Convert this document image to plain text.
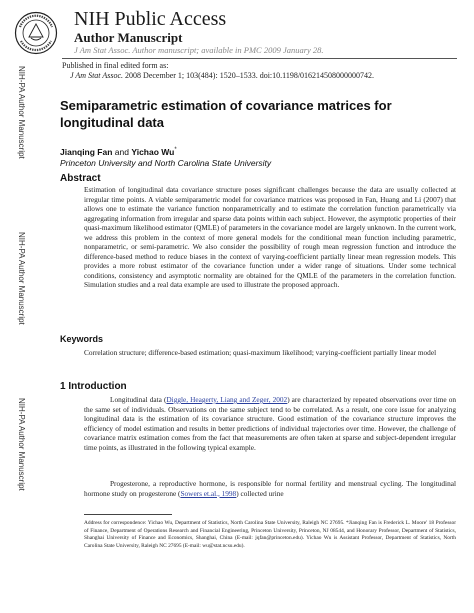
NIH Public Access
Author Manuscript
J Am Stat Assoc. Author manuscript; available in PMC 2009 January 28.
Published in final edited form as:
J Am Stat Assoc. 2008 December 1; 103(484): 1520–1533. doi:10.1198/016214508000000742.
NIH-PA Author Manuscript
NIH-PA Author Manuscript
NIH-PA Author Manuscript
Semiparametric estimation of covariance matrices for longitudinal data
Jianqing Fan and Yichao Wu*
Princeton University and North Carolina State University
Abstract
Estimation of longitudinal data covariance structure poses significant challenges because the data are usually collected at irregular time points. A viable semiparametric model for covariance matrices was proposed in Fan, Huang and Li (2007) that allows one to estimate the variance function nonparametrically and to estimate the correlation function parametrically via aggregating information from irregular and sparse data points within each subject. However, the asymptotic properties of their quasi-maximum likelihood estimator (QMLE) of parameters in the covariance model are largely unknown. In the current work, we address this problem in the context of more general models for the conditional mean function including parametric, nonparametric, or semi-parametric. We also consider the possibility of rough mean regression function and introduce the difference-based method to reduce biases in the context of varying-coefficient partially linear mean regression models. This provides a more robust estimator of the covariance function under a wider range of situations. Under some technical conditions, consistency and asymptotic normality are obtained for the QMLE of the parameters in the correlation function. Simulation studies and a real data example are used to illustrate the proposed approach.
Keywords
Correlation structure; difference-based estimation; quasi-maximum likelihood; varying-coefficient partially linear model
1 Introduction
Longitudinal data (Diggle, Heagerty, Liang and Zeger, 2002) are characterized by repeated observations over time on the same set of individuals. Observations on the same subject tend to be correlated. As a result, one core issue for analyzing longitudinal data is the estimation of its covariance structure. Good estimation of the covariance structure improves the efficiency of model estimation and results in better predictions of individual trajectories over time. However, the challenge of covariance matrix estimation comes from the fact that measurements are often taken at sparse and subject-dependent irregular time points, as illustrated in the following typical example.
Progesterone, a reproductive hormone, is responsible for normal fertility and menstrual cycling. The longitudinal hormone study on progesterone (Sowers et.al., 1998) collected urine
Address for correspondence: Yichao Wu, Department of Statistics, North Carolina State University, Raleigh NC 27695. *Jianqing Fan is Frederick L. Moore' 18 Professor of Finance, Department of Operations Research and Financial Engineering, Princeton University, Princeton, NJ 08544, and Honorary Professor, Department of Statistics, Shanghai University of Finance and Economics, Shanghai, China (E-mail: jqfan@princeton.edu). Yichao Wu is Assistant Professor, Department of Statistics, North Carolina State University, Raleigh NC 27695 (E-mail: wu@stat.ncsu.edu).
